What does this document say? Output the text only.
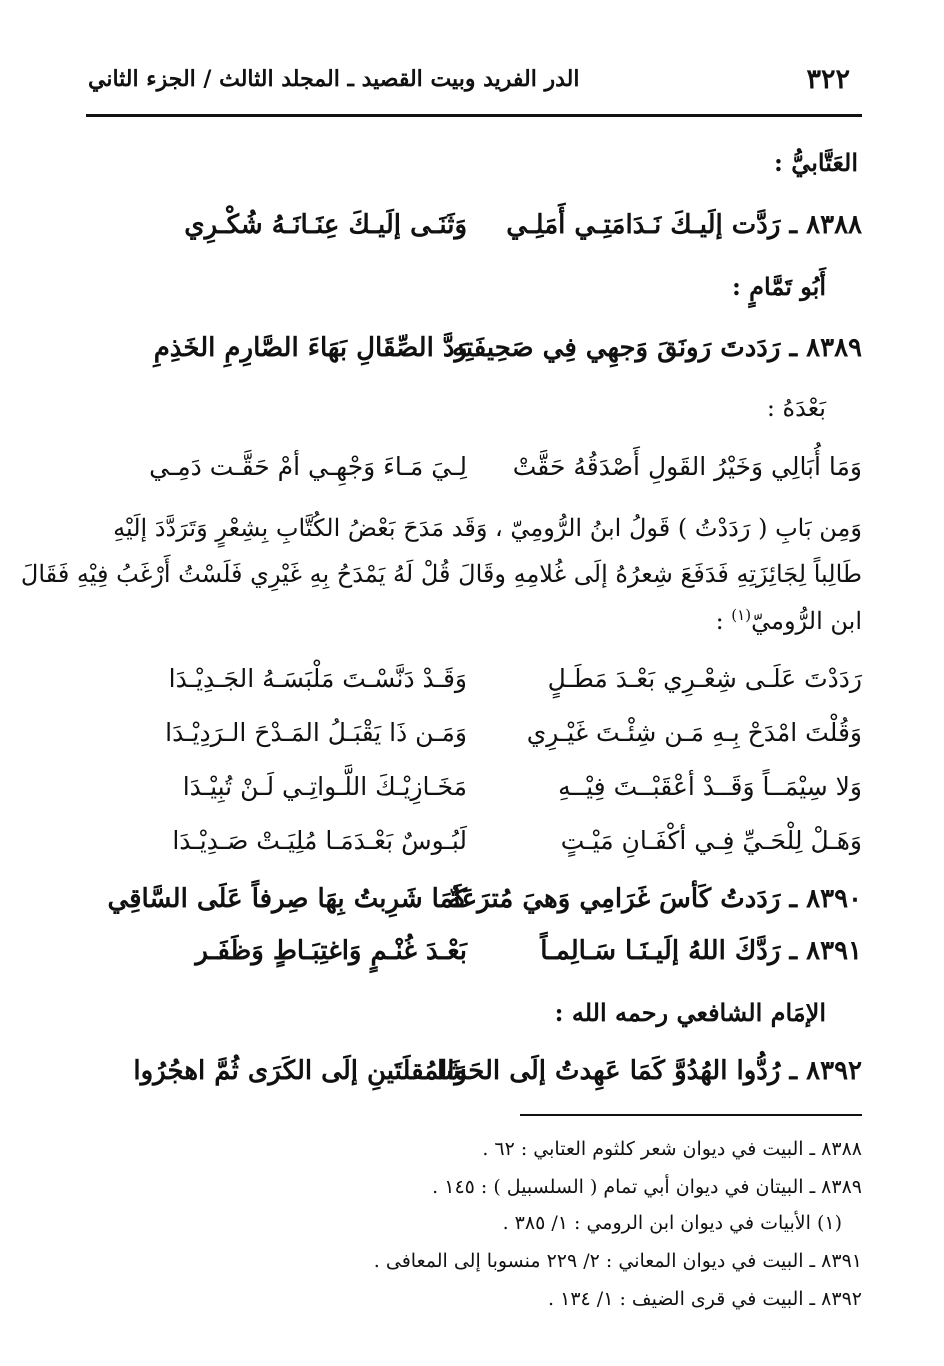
٣٢٢
الدر الفريد وبيت القصيد ـ المجلد الثالث / الجزء الثاني
العَتَّابيُّ :
٨٣٨٨ ـ رَدَّت إلَيـكَ نَـدَامَتِـي أَمَلِـي
وَثَنَـى إلَيـكَ عِنَـانَـهُ شُكْـرِي
أَبُو تَمَّامٍ :
٨٣٨٩ ـ رَدَدتَ رَونَقَ وَجهِي فِي صَحِيفَتِهِ
رَدَّ الصِّقَالِ بَهَاءَ الصَّارِمِ الخَذِمِ
بَعْدَهُ :
وَمَا أُبَالِي وَخَيْرُ القَولِ أَصْدَقُهُ حَقَّتْ
لِـيَ مَـاءَ وَجْهِـي أمْ حَقَّـت دَمِـي
وَمِن بَابِ ( رَدَدْتُ ) قَولُ ابنُ الرُّومِيّ ، وَقَد مَدَحَ بَعْضُ الكُتَّابِ بِشِعْرٍ وَتَرَدَّدَ إلَيْهِ
طَالِباً لِجَائِزَتِهِ فَدَفَعَ شِعرُهُ إلَى غُلامِهِ وقَالَ قُلْ لَهُ يَمْدَحُ بِهِ غَيْرِي فَلَسْتُ أَرْغَبُ فِيْهِ فَقَالَ
ابن الرُّوميّ$^{(١)}$ :
رَدَدْتَ عَلَـى شِعْـرِي بَعْـدَ مَطَـلٍ
وَقَـدْ دَنَّسْـتَ مَلْبَسَـهُ الجَـدِيْـدَا
وَقُلْتَ امْدَحْ بِـهِ مَـن شِئْـتَ غَيْـرِي
وَمَـن ذَا يَقْبَـلُ المَـدْحَ الـرَدِيْـدَا
وَلا سِيْمَــاً وَقَــدْ أعْقَبْــتَ فِيْــهِ
مَخَـازِيْـكَ اللَّـواتِـي لَـنْ تُبِيْـدَا
وَهَـلْ لِلْحَـيِّ فِـي أكْفَـانِ مَيْـتٍ
لَبُـوسٌ بَعْـدَمَـا مُلِيَـتْ صَـدِيْـدَا
٨٣٩٠ ـ رَدَدتُ كَأسَ غَرَامِي وَهيَ مُترَعَةٌ
كَمَا شَرِبتُ بِهَا صِرفاً عَلَى السَّاقِي
٨٣٩١ ـ رَدَّكَ اللهُ إلَيـنَـا سَـالِمـاً
بَعْـدَ غُنْـمٍ وَاغتِبَـاطٍ وَظَفَـر
الإمَام الشافعي رحمه الله :
٨٣٩٢ ـ رُدُّوا الهُدُوَّ كَمَا عَهِدتُ إلَى الحَشَا
وَالمُقلَتَينِ إلَى الكَرَى ثُمَّ اهجُرُوا
٨٣٨٨ ـ البيت في ديوان شعر كلثوم العتابي : ٦٢ .
٨٣٨٩ ـ البيتان في ديوان أبي تمام ( السلسبيل ) : ١٤٥ .
(١) الأبيات في ديوان ابن الرومي : ١/ ٣٨٥ .
٨٣٩١ ـ البيت في ديوان المعاني : ٢/ ٢٢٩ منسوبا إلى المعافى .
٨٣٩٢ ـ البيت في قرى الضيف : ١/ ١٣٤ .
